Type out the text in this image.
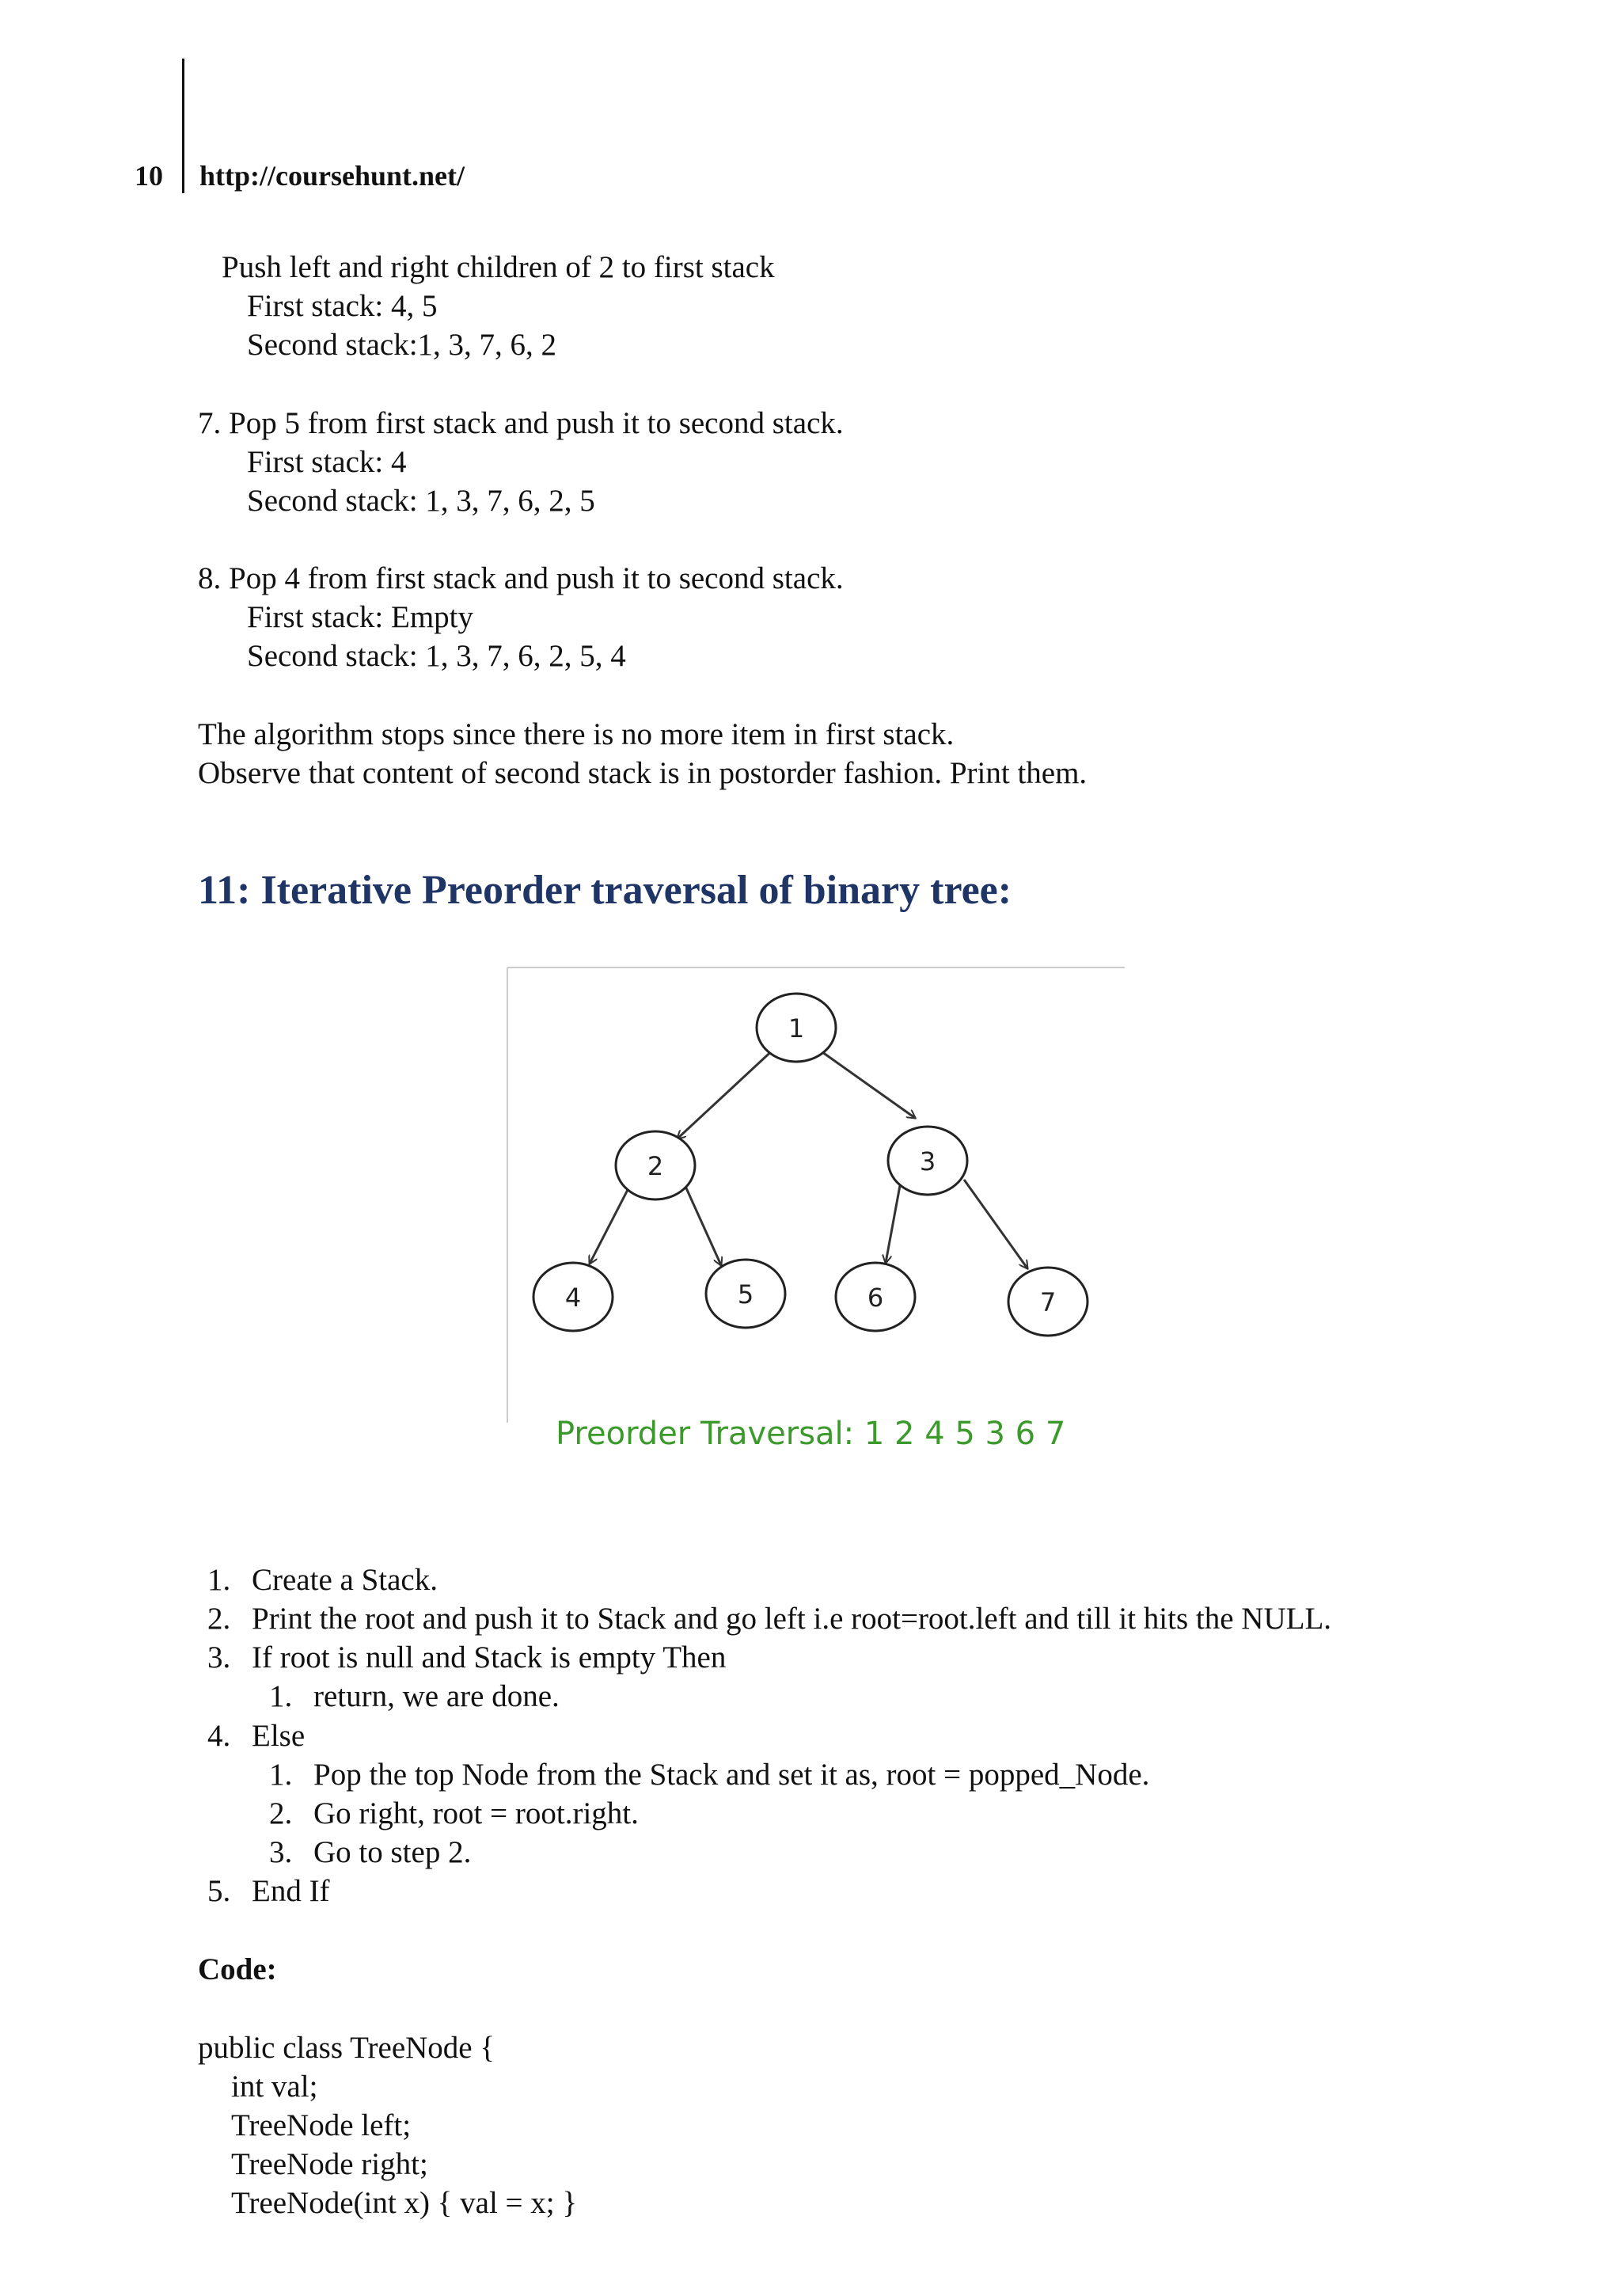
10 http://coursehunt.net/
Push left and right children of 2 to first stack
First stack: 4, 5
Second stack:1, 3, 7, 6, 2
7. Pop 5 from first stack and push it to second stack.
First stack: 4
Second stack: 1, 3, 7, 6, 2, 5
8. Pop 4 from first stack and push it to second stack.
First stack: Empty
Second stack: 1, 3, 7, 6, 2, 5, 4
The algorithm stops since there is no more item in first stack.
Observe that content of second stack is in postorder fashion. Print them.
11: Iterative Preorder traversal of binary tree:
1
2	3
4	5	6	7
Preorder Traversal: 1 2 4 5 3 6 7
1. Create a Stack.
2. Print the root and push it to Stack and go left i.e root=root.left and till it hits the NULL.
3. If root is null and Stack is empty Then
1. return, we are done.
4. Else
1. Pop the top Node from the Stack and set it as, root = popped_Node.
2. Go right, root = root.right.
3. Go to step 2.
5. End If
Code:
public class TreeNode {
int val;
TreeNode left;
TreeNode right;
TreeNode(int x) { val = x; }
